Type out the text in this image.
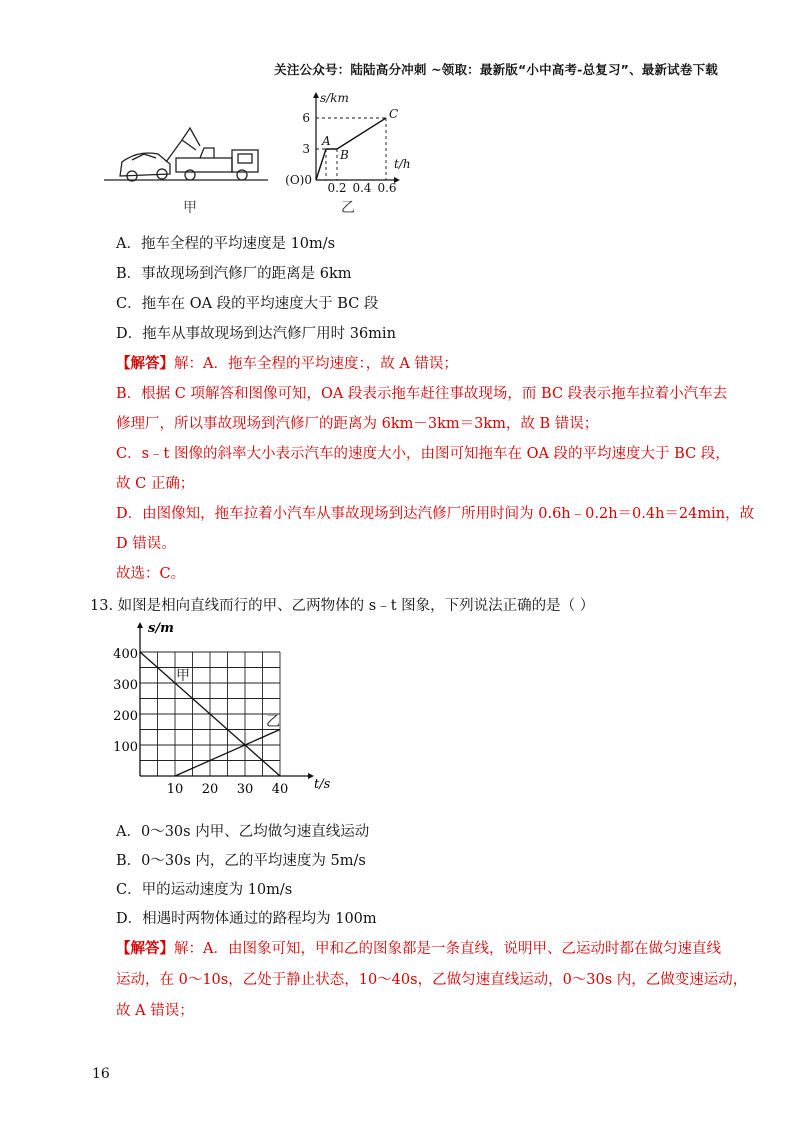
关注公众号：陆陆高分冲刺 ~领取：最新版“小中高考-总复习”、最新试卷下载
甲
s/km
t/h
6
3
(O)0
0.2 0.4 0.6
A
B
C
乙
A．拖车全程的平均速度是 10m/s
B．事故现场到汽修厂的距离是 6km
C．拖车在 OA 段的平均速度大于 BC 段
D．拖车从事故现场到达汽修厂用时 36min
【解答】解：A．拖车全程的平均速度：，故 A 错误；
B．根据 C 项解答和图像可知，OA 段表示拖车赶往事故现场，而 BC 段表示拖车拉着小汽车去
修理厂，所以事故现场到汽修厂的距离为 6km－3km＝3km，故 B 错误；
C．s﹣t 图像的斜率大小表示汽车的速度大小，由图可知拖车在 OA 段的平均速度大于 BC 段，
故 C 正确；
D．由图像知，拖车拉着小汽车从事故现场到达汽修厂所用时间为 0.6h﹣0.2h＝0.4h＝24min，故
D 错误。
故选：C。
13. 如图是相向直线而行的甲、乙两物体的 s﹣t 图象，下列说法正确的是（ ）
s/m
t/s
400
300
200
100
10 20 30 40
甲
乙
A．0～30s 内甲、乙均做匀速直线运动
B．0～30s 内，乙的平均速度为 5m/s
C．甲的运动速度为 10m/s
D．相遇时两物体通过的路程均为 100m
【解答】解：A．由图象可知，甲和乙的图象都是一条直线，说明甲、乙运动时都在做匀速直线
运动，在 0～10s，乙处于静止状态，10～40s，乙做匀速直线运动，0～30s 内，乙做变速运动，
故 A 错误；
16
